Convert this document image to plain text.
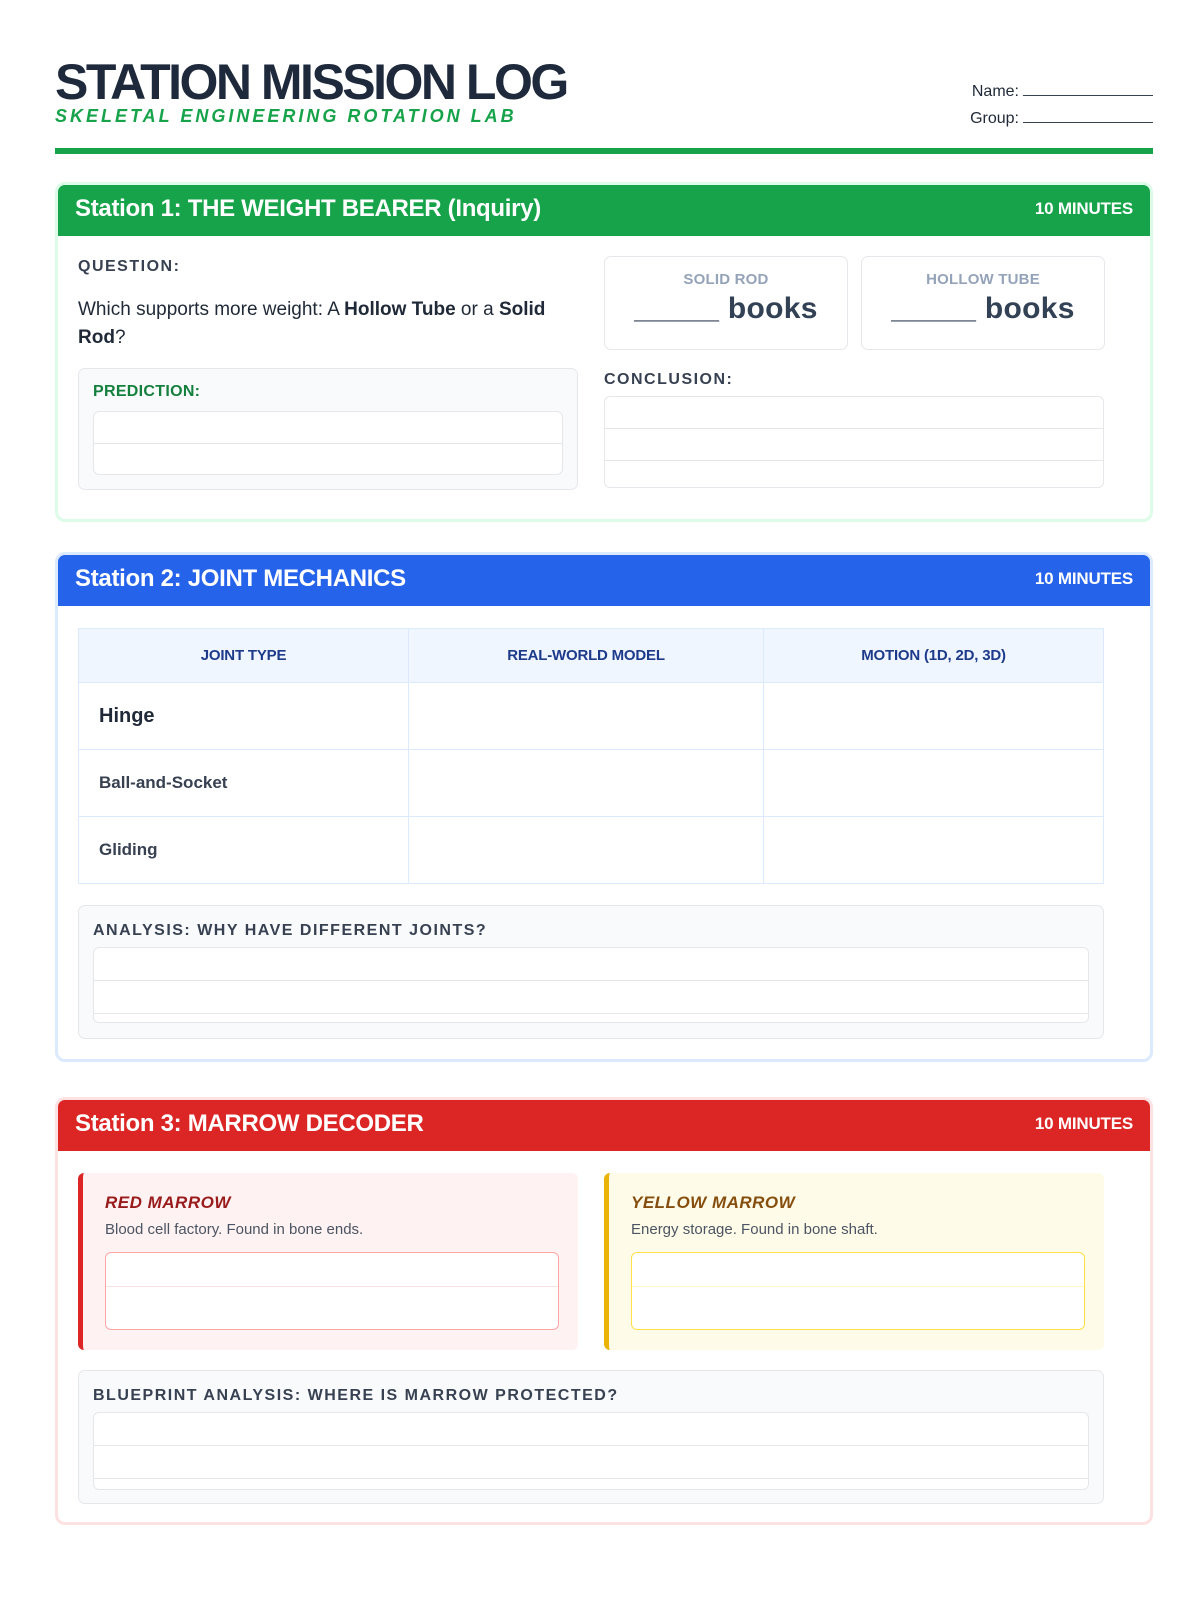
STATION MISSION LOG
SKELETAL ENGINEERING ROTATION LAB
Name:
Group:
Station 1: THE WEIGHT BEARER (Inquiry)	10 MINUTES
QUESTION:
Which supports more weight: A Hollow Tube or a Solid Rod?
PREDICTION:
SOLID ROD
_____ books
HOLLOW TUBE
_____ books
CONCLUSION:
Station 2: JOINT MECHANICS	10 MINUTES
JOINT TYPE	REAL-WORLD MODEL	MOTION (1D, 2D, 3D)
Hinge		
Ball-and-Socket		
Gliding		
ANALYSIS: WHY HAVE DIFFERENT JOINTS?
Station 3: MARROW DECODER	10 MINUTES
RED MARROW
Blood cell factory. Found in bone ends.
YELLOW MARROW
Energy storage. Found in bone shaft.
BLUEPRINT ANALYSIS: WHERE IS MARROW PROTECTED?
